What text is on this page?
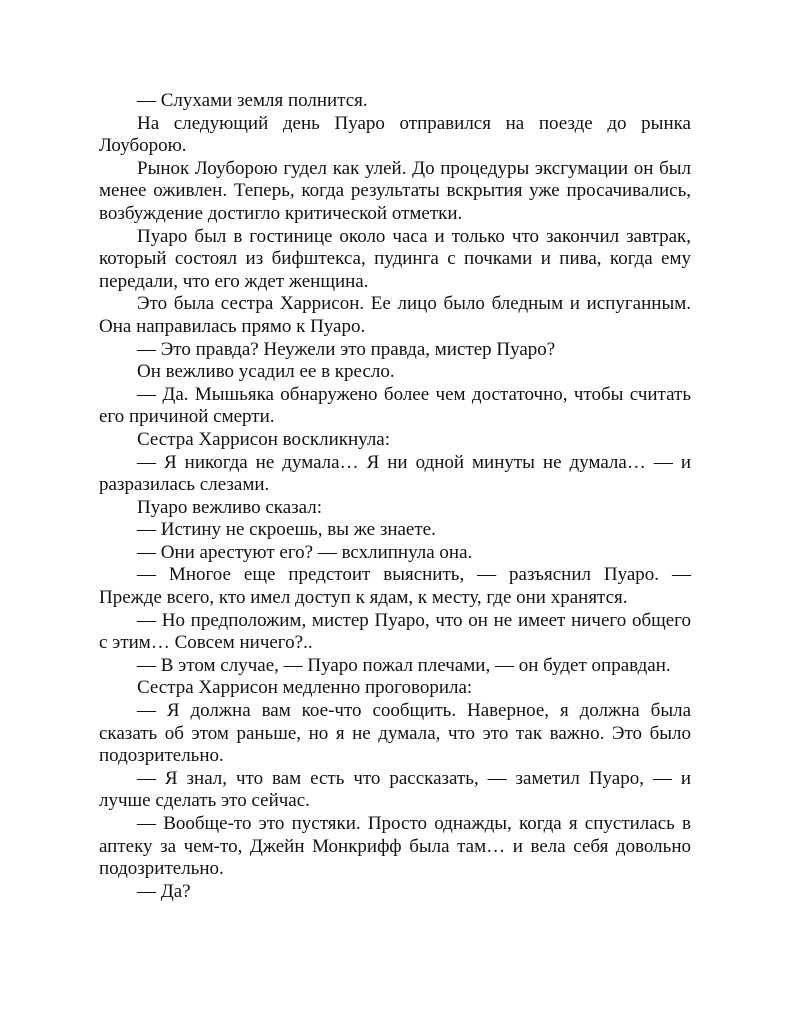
— Слухами земля полнится.

На следующий день Пуаро отправился на поезде до рынка Лоуборою.

Рынок Лоуборою гудел как улей. До процедуры эксгумации он был менее оживлен. Теперь, когда результаты вскрытия уже просачивались, возбуждение достигло критической отметки.

Пуаро был в гостинице около часа и только что закончил завтрак, который состоял из бифштекса, пудинга с почками и пива, когда ему передали, что его ждет женщина.

Это была сестра Харрисон. Ее лицо было бледным и испуганным. Она направилась прямо к Пуаро.

— Это правда? Неужели это правда, мистер Пуаро?

Он вежливо усадил ее в кресло.

— Да. Мышьяка обнаружено более чем достаточно, чтобы считать его причиной смерти.

Сестра Харрисон воскликнула:

— Я никогда не думала… Я ни одной минуты не думала… — и разразилась слезами.

Пуаро вежливо сказал:

— Истину не скроешь, вы же знаете.

— Они арестуют его? — всхлипнула она.

— Многое еще предстоит выяснить, — разъяснил Пуаро. — Прежде всего, кто имел доступ к ядам, к месту, где они хранятся.

— Но предположим, мистер Пуаро, что он не имеет ничего общего с этим… Совсем ничего?..

— В этом случае, — Пуаро пожал плечами, — он будет оправдан.

Сестра Харрисон медленно проговорила:

— Я должна вам кое-что сообщить. Наверное, я должна была сказать об этом раньше, но я не думала, что это так важно. Это было подозрительно.

— Я знал, что вам есть что рассказать, — заметил Пуаро, — и лучше сделать это сейчас.

— Вообще-то это пустяки. Просто однажды, когда я спустилась в аптеку за чем-то, Джейн Монкрифф была там… и вела себя довольно подозрительно.

— Да?
